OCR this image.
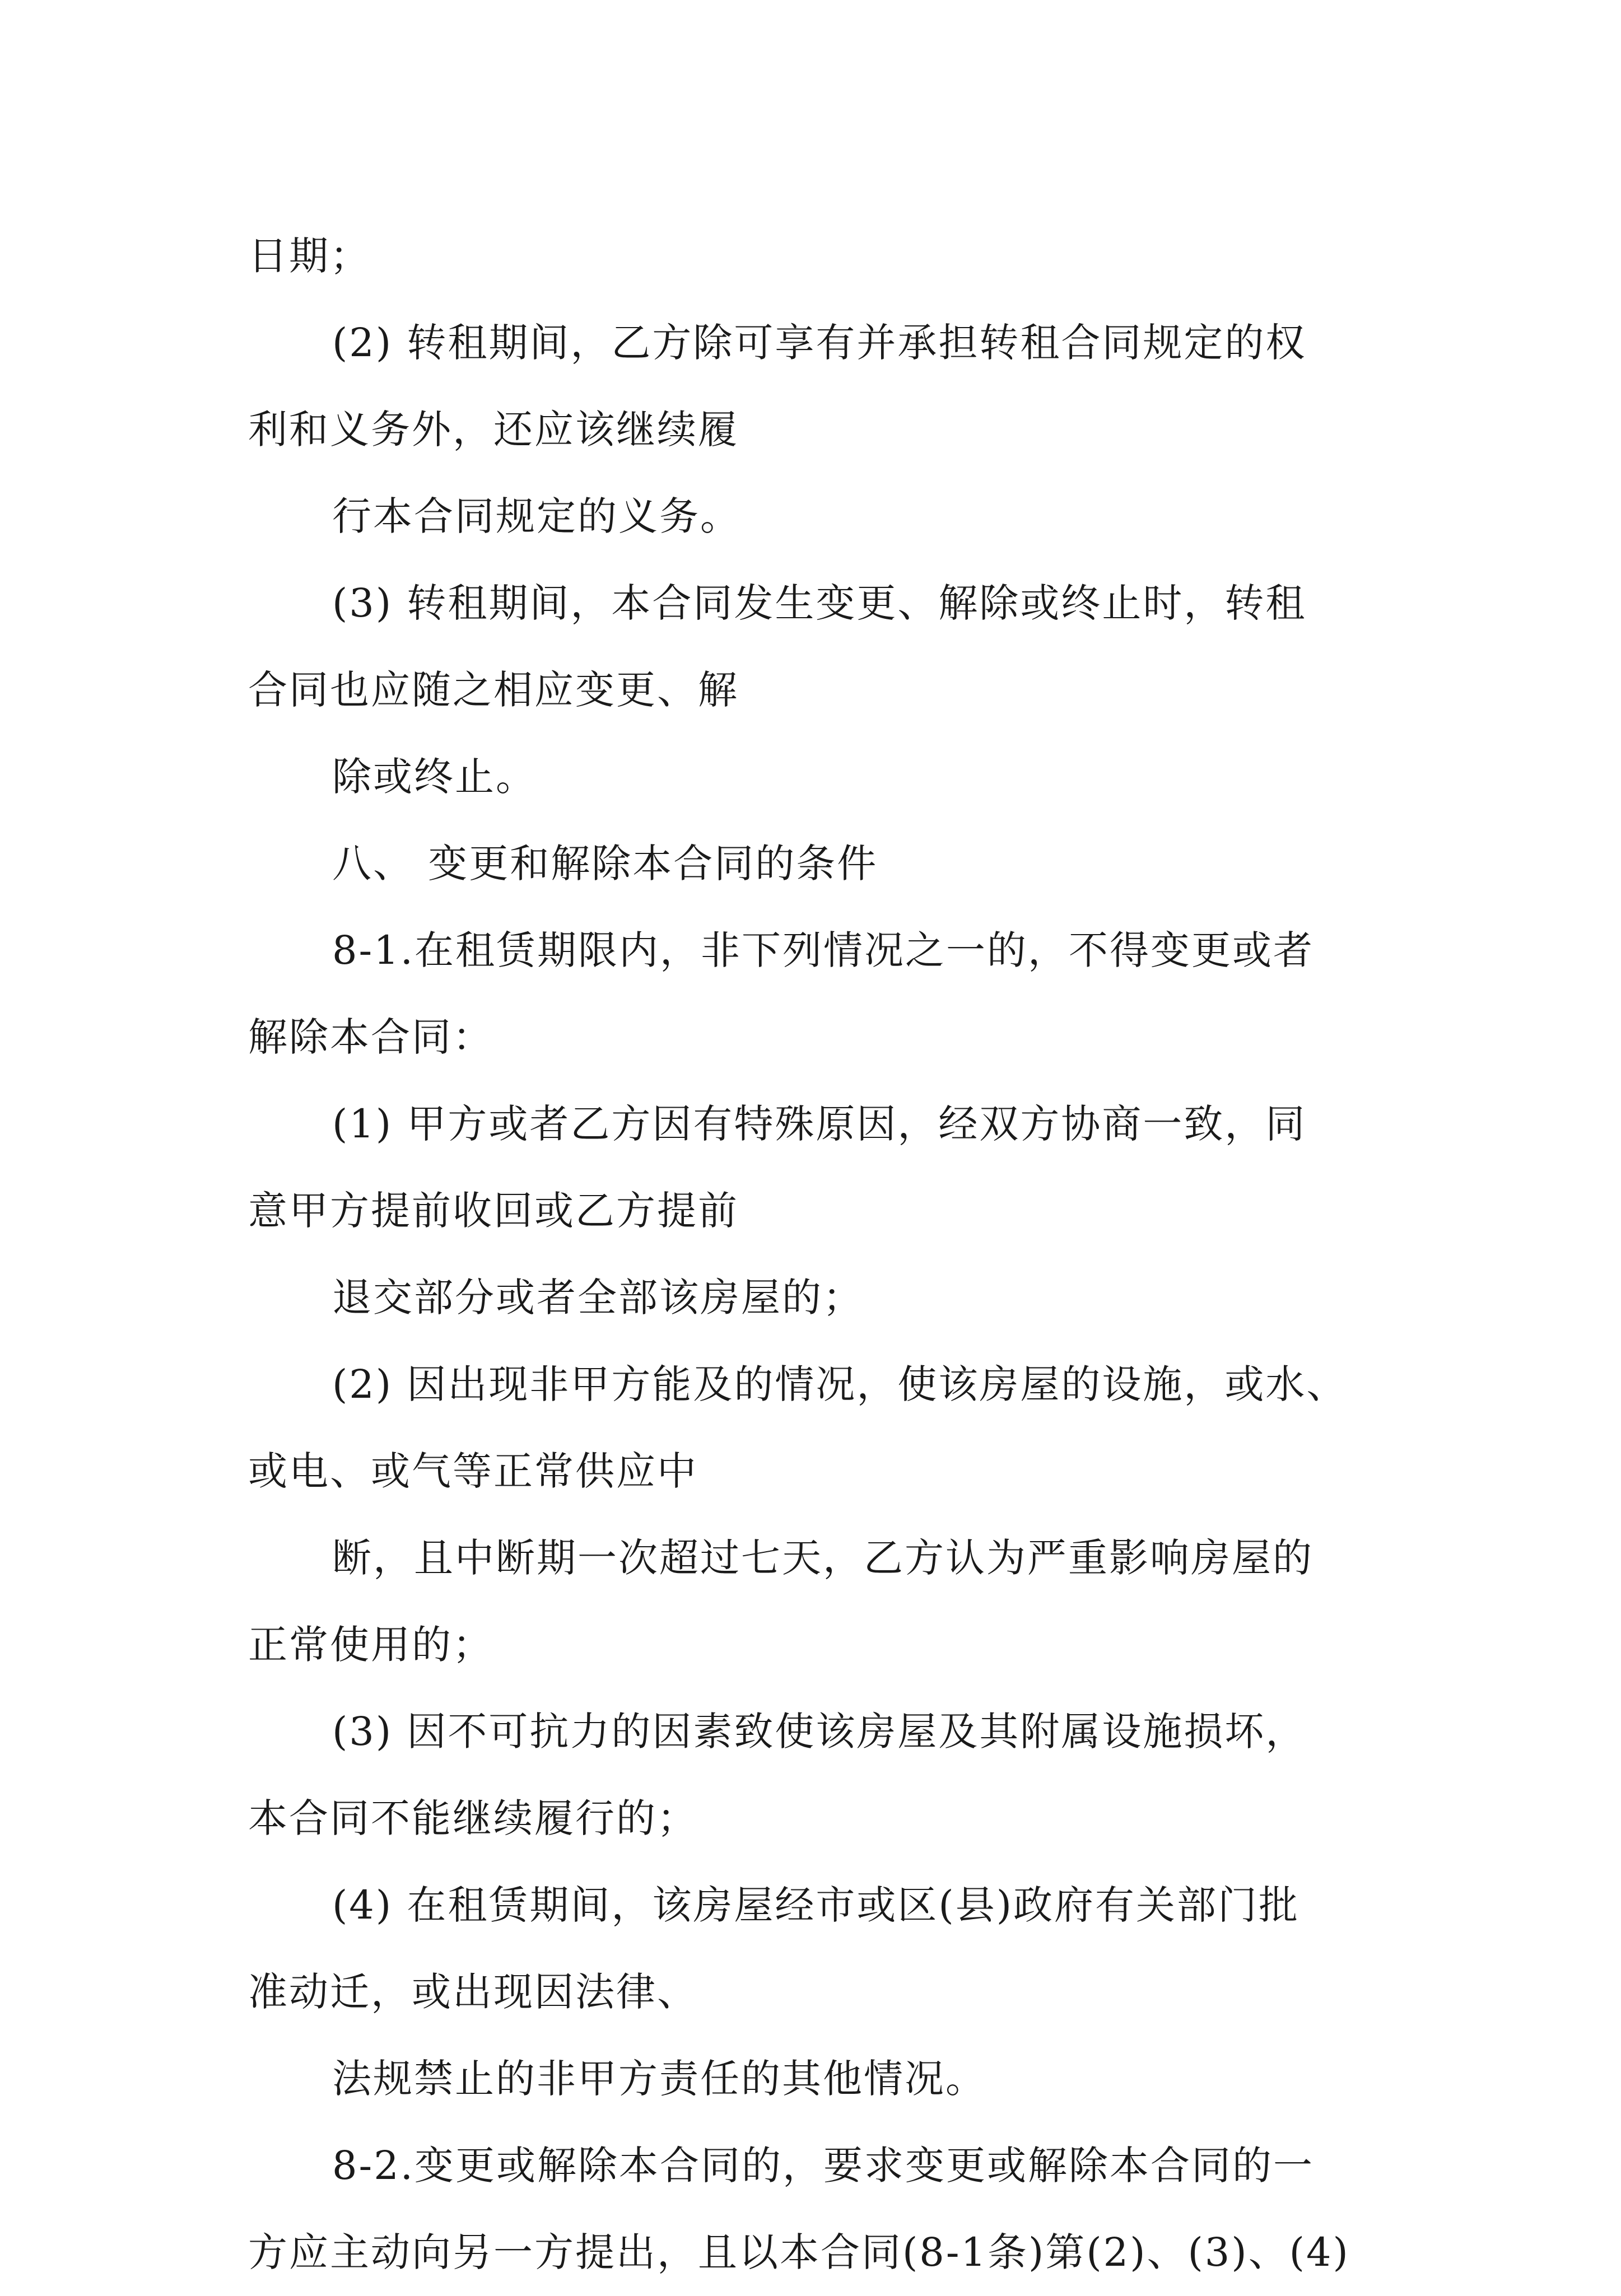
日期；
(2) 转租期间，乙方除可享有并承担转租合同规定的权
利和义务外，还应该继续履
行本合同规定的义务。
(3) 转租期间，本合同发生变更、解除或终止时，转租
合同也应随之相应变更、解
除或终止。
八、 变更和解除本合同的条件
8-1.在租赁期限内，非下列情况之一的，不得变更或者
解除本合同：
(1) 甲方或者乙方因有特殊原因，经双方协商一致，同
意甲方提前收回或乙方提前
退交部分或者全部该房屋的；
(2) 因出现非甲方能及的情况，使该房屋的设施，或水、
或电、或气等正常供应中
断，且中断期一次超过七天，乙方认为严重影响房屋的
正常使用的；
(3) 因不可抗力的因素致使该房屋及其附属设施损坏，
本合同不能继续履行的；
(4) 在租赁期间，该房屋经市或区(县)政府有关部门批
准动迁，或出现因法律、
法规禁止的非甲方责任的其他情况。
8-2.变更或解除本合同的，要求变更或解除本合同的一
方应主动向另一方提出，且以本合同(8-1条)第(2)、(3)、(4)
